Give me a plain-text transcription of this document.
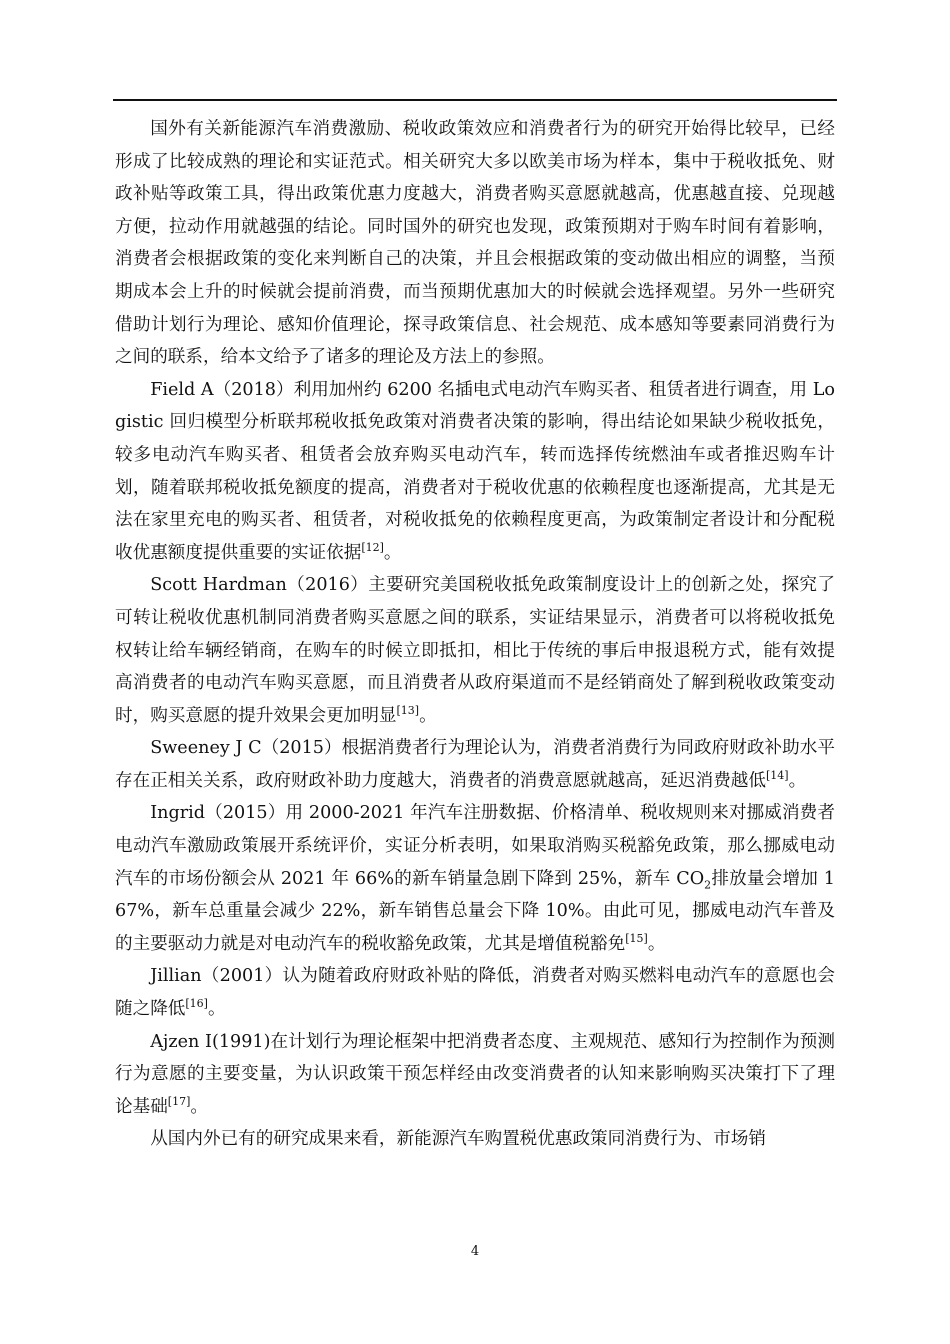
国外有关新能源汽车消费激励、税收政策效应和消费者行为的研究开始得比较早，已经形成了比较成熟的理论和实证范式。相关研究大多以欧美市场为样本，集中于税收抵免、财政补贴等政策工具，得出政策优惠力度越大，消费者购买意愿就越高，优惠越直接、兑现越方便，拉动作用就越强的结论。同时国外的研究也发现，政策预期对于购车时间有着影响，消费者会根据政策的变化来判断自己的决策，并且会根据政策的变动做出相应的调整，当预期成本会上升的时候就会提前消费，而当预期优惠加大的时候就会选择观望。另外一些研究借助计划行为理论、感知价值理论，探寻政策信息、社会规范、成本感知等要素同消费行为之间的联系，给本文给予了诸多的理论及方法上的参照。

Field A（2018）利用加州约 6200 名插电式电动汽车购买者、租赁者进行调查，用 Logistic 回归模型分析联邦税收抵免政策对消费者决策的影响，得出结论如果缺少税收抵免，较多电动汽车购买者、租赁者会放弃购买电动汽车，转而选择传统燃油车或者推迟购车计划，随着联邦税收抵免额度的提高，消费者对于税收优惠的依赖程度也逐渐提高，尤其是无法在家里充电的购买者、租赁者，对税收抵免的依赖程度更高，为政策制定者设计和分配税收优惠额度提供重要的实证依据[12]。

Scott Hardman（2016）主要研究美国税收抵免政策制度设计上的创新之处，探究了可转让税收优惠机制同消费者购买意愿之间的联系，实证结果显示，消费者可以将税收抵免权转让给车辆经销商，在购车的时候立即抵扣，相比于传统的事后申报退税方式，能有效提高消费者的电动汽车购买意愿，而且消费者从政府渠道而不是经销商处了解到税收政策变动时，购买意愿的提升效果会更加明显[13]。

Sweeney J C（2015）根据消费者行为理论认为，消费者消费行为同政府财政补助水平存在正相关关系，政府财政补助力度越大，消费者的消费意愿就越高，延迟消费越低[14]。

Ingrid（2015）用 2000-2021 年汽车注册数据、价格清单、税收规则来对挪威消费者电动汽车激励政策展开系统评价，实证分析表明，如果取消购买税豁免政策，那么挪威电动汽车的市场份额会从 2021 年 66%的新车销量急剧下降到 25%，新车 $CO_2$排放量会增加 167%，新车总重量会减少 22%，新车销售总量会下降 10%。由此可见，挪威电动汽车普及的主要驱动力就是对电动汽车的税收豁免政策，尤其是增值税豁免[15]。

Jillian（2001）认为随着政府财政补贴的降低，消费者对购买燃料电动汽车的意愿也会随之降低[16]。

Ajzen I(1991)在计划行为理论框架中把消费者态度、主观规范、感知行为控制作为预测行为意愿的主要变量，为认识政策干预怎样经由改变消费者的认知来影响购买决策打下了理论基础[17]。

从国内外已有的研究成果来看，新能源汽车购置税优惠政策同消费行为、市场销

4
